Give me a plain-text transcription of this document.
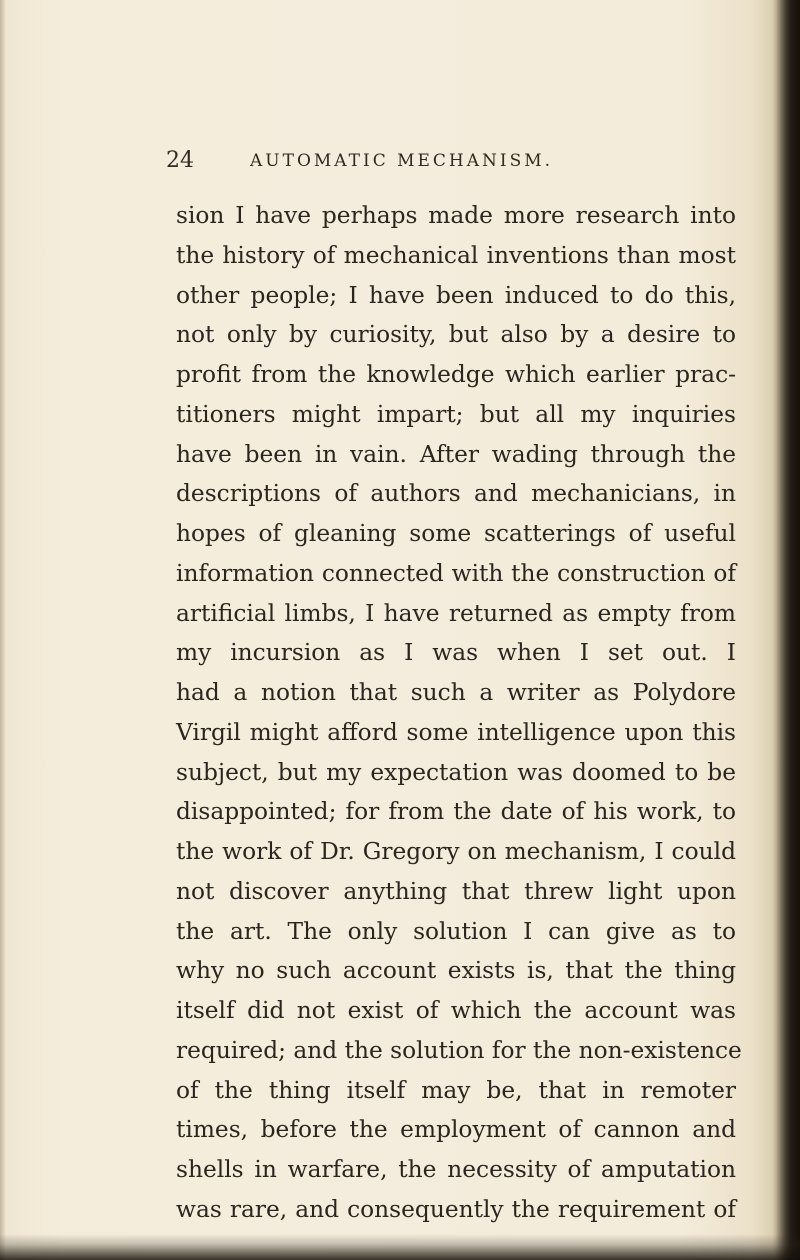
24	AUTOMATIC MECHANISM.
sion I have perhaps made more research into
the history of mechanical inventions than most
other people; I have been induced to do this,
not only by curiosity, but also by a desire to
profit from the knowledge which earlier prac-
titioners might impart; but all my inquiries
have been in vain. After wading through the
descriptions of authors and mechanicians, in
hopes of gleaning some scatterings of useful
information connected with the construction of
artificial limbs, I have returned as empty from
my incursion as I was when I set out. I
had a notion that such a writer as Polydore
Virgil might afford some intelligence upon this
subject, but my expectation was doomed to be
disappointed; for from the date of his work, to
the work of Dr. Gregory on mechanism, I could
not discover anything that threw light upon
the art. The only solution I can give as to
why no such account exists is, that the thing
itself did not exist of which the account was
required; and the solution for the non-existence
of the thing itself may be, that in remoter
times, before the employment of cannon and
shells in warfare, the necessity of amputation
was rare, and consequently the requirement of
